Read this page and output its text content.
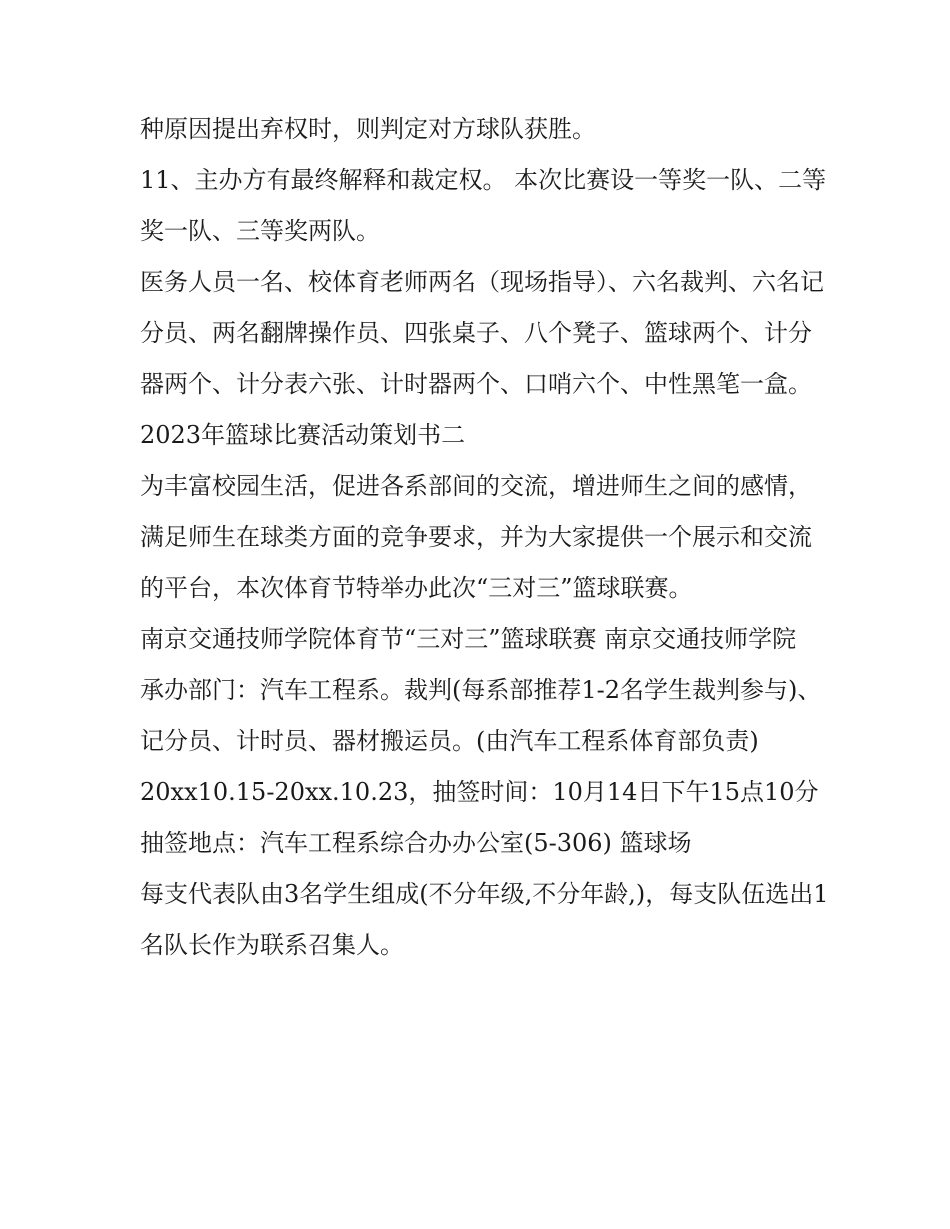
种原因提出弃权时，则判定对方球队获胜。

11、主办方有最终解释和裁定权。 本次比赛设一等奖一队、二等奖一队、三等奖两队。

医务人员一名、校体育老师两名（现场指导）、六名裁判、六名记分员、两名翻牌操作员、四张桌子、八个凳子、篮球两个、计分器两个、计分表六张、计时器两个、口哨六个、中性黑笔一盒。

2023年篮球比赛活动策划书二

为丰富校园生活，促进各系部间的交流，增进师生之间的感情，满足师生在球类方面的竞争要求，并为大家提供一个展示和交流的平台，本次体育节特举办此次“三对三”篮球联赛。

南京交通技师学院体育节“三对三”篮球联赛 南京交通技师学院

承办部门：汽车工程系。裁判(每系部推荐1-2名学生裁判参与)、记分员、计时员、器材搬运员。(由汽车工程系体育部负责)

20xx10.15-20xx.10.23，抽签时间：10月14日下午15点10分 抽签地点：汽车工程系综合办办公室(5-306) 篮球场

每支代表队由3名学生组成(不分年级,不分年龄,)，每支队伍选出1名队长作为联系召集人。
